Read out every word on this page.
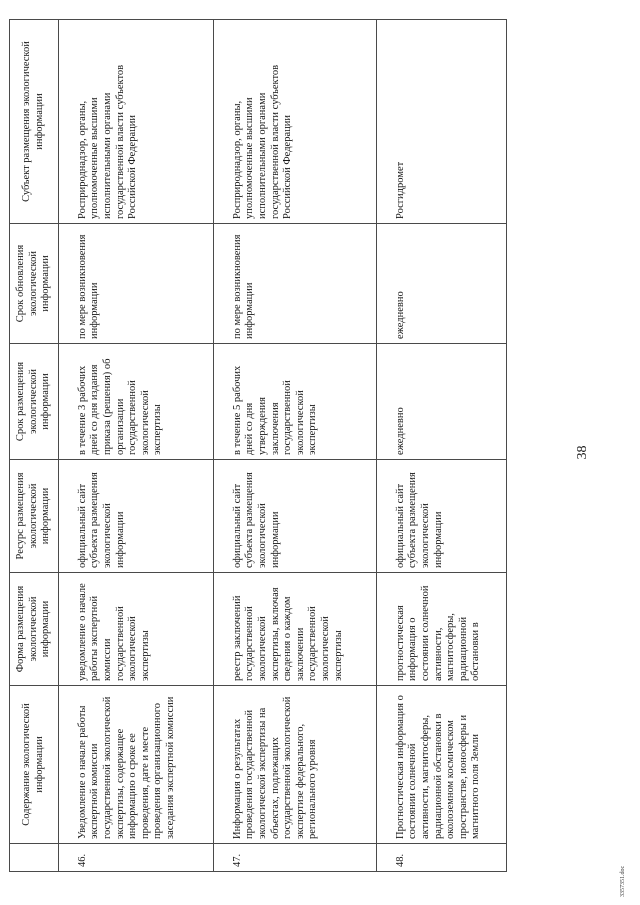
	Содержание экологической информации	Форма размещения экологической информации	Ресурс размещения экологической информации	Срок размещения экологической информации	Срок обновления экологической информации	Субъект размещения экологической информации
46.	Уведомление о начале работы экспертной комиссии государственной экологической экспертизы, содержащее информацию о сроке ее проведения, дате и месте проведения организационного заседания экспертной комиссии	уведомление о начале работы экспертной комиссии государственной экологической экспертизы	официальный сайт субъекта размещения экологической информации	в течение 3 рабочих дней со дня издания приказа (решения) об организации государственной экологической экспертизы	по мере возникновения информации	Росприроднадзор, органы, уполномоченные высшими исполнительными органами государственной власти субъектов Российской Федерации
47.	Информация о результатах проведения государственной экологической экспертизы на объектах, подлежащих государственной экологической экспертизе федерального, регионального уровня	реестр заключений государственной экологической экспертизы, включая сведения о каждом заключении государственной экологической экспертизы	официальный сайт субъекта размещения экологической информации	в течение 5 рабочих дней со дня утверждения заключения государственной экологической экспертизы	по мере возникновения информации	Росприроднадзор, органы, уполномоченные высшими исполнительными органами государственной власти субъектов Российской Федерации
48.	Прогностическая информация о состоянии солнечной активности, магнитосферы, радиационной обстановки в околоземном космическом пространстве, ионосферы и магнитного поля Земли	прогностическая информация о состоянии солнечной активности, магнитосферы, радиационной обстановки в	официальный сайт субъекта размещения экологической информации	ежедневно	ежедневно	Росгидромет
38
3357351.doc
